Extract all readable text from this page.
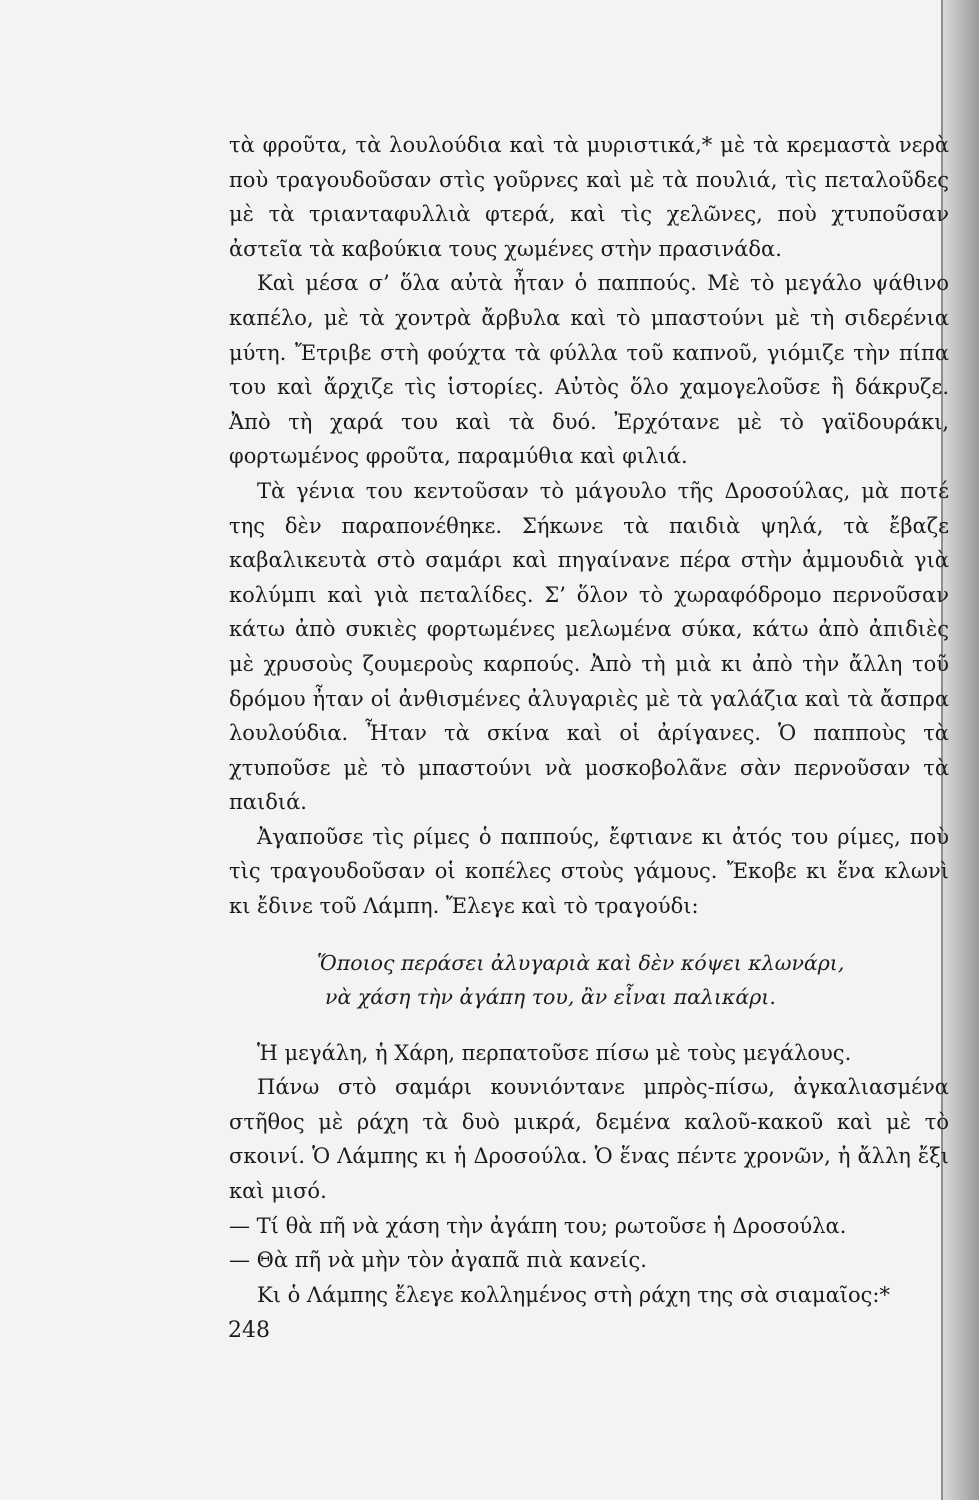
τὰ φροῦτα, τὰ λουλούδια καὶ τὰ μυριστικά,* μὲ τὰ κρεμαστὰ νερὰ ποὺ τραγουδοῦσαν στὶς γοῦρνες καὶ μὲ τὰ πουλιά, τὶς πεταλοῦδες μὲ τὰ τριανταφυλλιὰ φτερά, καὶ τὶς χελῶνες, ποὺ χτυποῦσαν ἀστεῖα τὰ καβούκια τους χωμένες στὴν πρασινάδα.

Καὶ μέσα σ’ ὅλα αὐτὰ ἦταν ὁ παππούς. Μὲ τὸ μεγάλο ψάθινο καπέλο, μὲ τὰ χοντρὰ ἄρβυλα καὶ τὸ μπαστούνι μὲ τὴ σιδερένια μύτη. Ἔτριβε στὴ φούχτα τὰ φύλλα τοῦ καπνοῦ, γιόμιζε τὴν πίπα του καὶ ἄρχιζε τὶς ἱστορίες. Αὐτὸς ὅλο χαμογελοῦσε ἢ δάκρυζε. Ἀπὸ τὴ χαρά του καὶ τὰ δυό. Ἐρχότανε μὲ τὸ γαϊδουράκι, φορτωμένος φροῦτα, παραμύθια καὶ φιλιά.

Τὰ γένια του κεντοῦσαν τὸ μάγουλο τῆς Δροσούλας, μὰ ποτέ της δὲν παραπονέθηκε. Σήκωνε τὰ παιδιὰ ψηλά, τὰ ἔβαζε καβαλικευτὰ στὸ σαμάρι καὶ πηγαίνανε πέρα στὴν ἀμμουδιὰ γιὰ κολύμπι καὶ γιὰ πεταλίδες. Σ’ ὅλον τὸ χωραφόδρομο περνοῦσαν κάτω ἀπὸ συκιὲς φορτωμένες μελωμένα σύκα, κάτω ἀπὸ ἀπιδιὲς μὲ χρυσοὺς ζουμεροὺς καρπούς. Ἀπὸ τὴ μιὰ κι ἀπὸ τὴν ἄλλη τοῦ δρόμου ἦταν οἱ ἀνθισμένες ἀλυγαριὲς μὲ τὰ γαλάζια καὶ τὰ ἄσπρα λουλούδια. Ἦταν τὰ σκίνα καὶ οἱ ἀρίγανες. Ὁ παπποὺς τὰ χτυποῦσε μὲ τὸ μπαστούνι νὰ μοσκοβολᾶνε σὰν περνοῦσαν τὰ παιδιά.

Ἀγαποῦσε τὶς ρίμες ὁ παππούς, ἔφτιανε κι ἀτός του ρίμες, ποὺ τὶς τραγουδοῦσαν οἱ κοπέλες στοὺς γάμους. Ἔκοβε κι ἕνα κλωνὶ κι ἔδινε τοῦ Λάμπη. Ἔλεγε καὶ τὸ τραγούδι:

Ὅποιος περάσει ἀλυγαριὰ καὶ δὲν κόψει κλωνάρι,
νὰ χάση τὴν ἀγάπη του, ἂν εἶναι παλικάρι.

Ἡ μεγάλη, ἡ Χάρη, περπατοῦσε πίσω μὲ τοὺς μεγάλους.

Πάνω στὸ σαμάρι κουνιόντανε μπρὸς-πίσω, ἀγκαλιασμένα στῆθος μὲ ράχη τὰ δυὸ μικρά, δεμένα καλοῦ-κακοῦ καὶ μὲ τὸ σκοινί. Ὁ Λάμπης κι ἡ Δροσούλα. Ὁ ἕνας πέντε χρονῶν, ἡ ἄλλη ἔξι καὶ μισό.

— Τί θὰ πῆ νὰ χάση τὴν ἀγάπη του; ρωτοῦσε ἡ Δροσούλα.

— Θὰ πῆ νὰ μὴν τὸν ἀγαπᾶ πιὰ κανείς.

Κι ὁ Λάμπης ἔλεγε κολλημένος στὴ ράχη της σὰ σιαμαῖος:*

248
